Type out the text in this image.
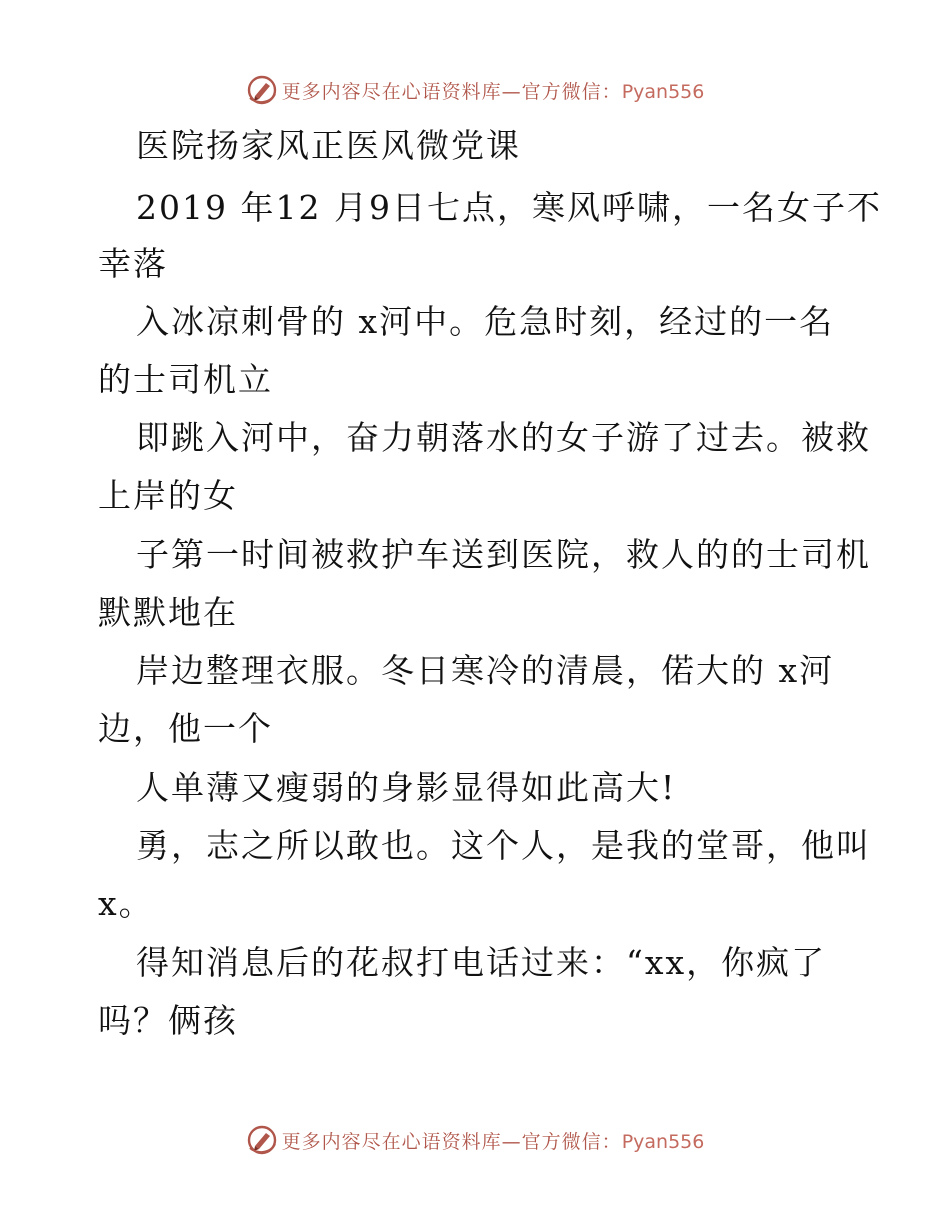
更多内容尽在心语资料库—官方微信：Pyan556
医院扬家风正医风微党课
2019 年12 月9日七点，寒风呼啸，一名女子不
幸落
入冰凉刺骨的 x河中。危急时刻，经过的一名
的士司机立
即跳入河中，奋力朝落水的女子游了过去。被救
上岸的女
子第一时间被救护车送到医院，救人的的士司机
默默地在
岸边整理衣服。冬日寒冷的清晨，偌大的 x河
边，他一个
人单薄又瘦弱的身影显得如此高大!
勇，志之所以敢也。这个人，是我的堂哥，他叫
x。
得知消息后的花叔打电话过来：“xx，你疯了
吗？俩孩
更多内容尽在心语资料库—官方微信：Pyan556
